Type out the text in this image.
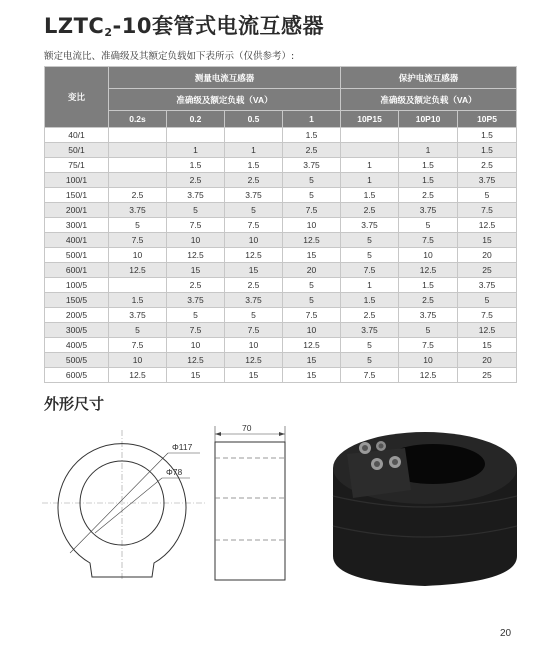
$LZTC_2-10$套管式电流互感器
额定电流比、准确级及其额定负载如下表所示（仅供参考）:
变比	测量电流互感器				保护电流互感器		
	准确级及额定负载（VA）				准确级及额定负载（VA）		
	0.2s	0.2	0.5	1	10P15	10P10	10P5
40/1				1.5			1.5
50/1		1	1	2.5		1	1.5
75/1		1.5	1.5	3.75	1	1.5	2.5
100/1		2.5	2.5	5	1	1.5	3.75
150/1	2.5	3.75	3.75	5	1.5	2.5	5
200/1	3.75	5	5	7.5	2.5	3.75	7.5
300/1	5	7.5	7.5	10	3.75	5	12.5
400/1	7.5	10	10	12.5	5	7.5	15
500/1	10	12.5	12.5	15	5	10	20
600/1	12.5	15	15	20	7.5	12.5	25
100/5		2.5	2.5	5	1	1.5	3.75
150/5	1.5	3.75	3.75	5	1.5	2.5	5
200/5	3.75	5	5	7.5	2.5	3.75	7.5
300/5	5	7.5	7.5	10	3.75	5	12.5
400/5	7.5	10	10	12.5	5	7.5	15
500/5	10	12.5	12.5	15	5	10	20
600/5	12.5	15	15	15	7.5	12.5	25
外形尺寸
Φ117
Φ78
70
20
